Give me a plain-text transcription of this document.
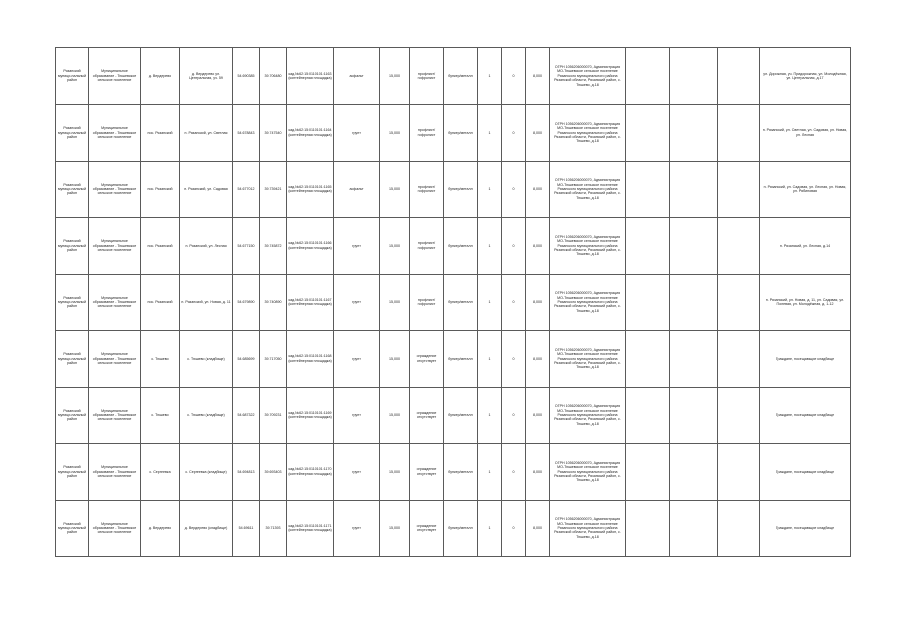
Рязанский муници-пальный район	Муниципальное образование - Тюшевское сельское поселение	д. Вердерево	д. Вердерево ул. Центральная, уч. 59	54.690385	39.706480	кад.№62:15:0110101:1163 (контейнерная площадка)	асфальт	15,000	профлист/гофролист	бункер/металл	1	0	8,000	ОГРН 1056206000070, Администрация МО-Тюшевское сельское поселение Рязанского муниципального района Рязанской области, Рязанский район, с. Тюшево, д.18				ул. Дорожная, уч. Придорожная, ул. Молодёжная, ул. Центральная, д.17
Рязанский муници-пальный район	Муниципальное образование - Тюшевское сельское поселение	пос. Рязанский	п. Рязанский, ул. Светлая	54.678843	39.747540	кад.№62:15:0110101:1164 (контейнерная площадка)	грунт	15,000	профлист/гофролист	бункер/металл	1	0	8,000	ОГРН 1056206000070, Администрация МО-Тюшевское сельское поселение Рязанского муниципального района Рязанской области, Рязанский район, с. Тюшево, д.18				п. Рязанский, ул. Светлая, ул. Садовая, ул. Новая, ул. Лесная
Рязанский муници-пальный район	Муниципальное образование - Тюшевское сельское поселение	пос. Рязанский	п. Рязанский, ул. Садовая	54.677012	39.739421	кад.№62:15:0110101:1165 (контейнерная площадка)	асфальт	15,000	профлист/гофролист	бункер/металл	1	0	8,000	ОГРН 1056206000070, Администрация МО-Тюшевское сельское поселение Рязанского муниципального района Рязанской области, Рязанский район, с. Тюшево, д.18				п. Рязанский, ул. Садовая, ул. Лесная, ул. Новая, ул. Рябиновая
Рязанский муници-пальный район	Муниципальное образование - Тюшевское сельское поселение	пос. Рязанский	п. Рязанский, ул. Лесная	54.677150	39.745872	кад.№62:15:0110101:1166 (контейнерная площадка)	грунт	15,000	профлист/гофролист	бункер/металл	1	0	8,000	ОГРН 1056206000070, Администрация МО-Тюшевское сельское поселение Рязанского муниципального района Рязанской области, Рязанский район, с. Тюшево, д.18				п. Рязанский, ул. Лесная, д.14
Рязанский муници-пальный район	Муниципальное образование - Тюшевское сельское поселение	пос. Рязанский	п. Рязанский, ул. Новая, д. 11	54.679890	39.740890	кад.№62:15:0110101:1167 (контейнерная площадка)	грунт	15,000	профлист/гофролист	бункер/металл	1	0	8,000	ОГРН 1056206000070, Администрация МО-Тюшевское сельское поселение Рязанского муниципального района Рязанской области, Рязанский район, с. Тюшево, д.18				п. Рязанский, ул. Новая, д. 11, ул. Садовая, ул. Полевая, ул. Молодёжная, д. 1-12
Рязанский муници-пальный район	Муниципальное образование - Тюшевское сельское поселение	с. Тюшево	с. Тюшево (кладбище)	54.685699	39.717050	кад.№62:15:0110101:1168 (контейнерная площадка)	грунт	15,000	ограждение отсутствует	бункер/металл	1	0	8,000	ОГРН 1056206000070, Администрация МО-Тюшевское сельское поселение Рязанского муниципального района Рязанской области, Рязанский район, с. Тюшево, д.18				Граждане, посещающие кладбище
Рязанский муници-пальный район	Муниципальное образование - Тюшевское сельское поселение	с. Тюшево	с. Тюшево (кладбище)	54.687322	39.709231	кад.№62:15:0110101:1169 (контейнерная площадка)	грунт	15,000	ограждение отсутствует	бункер/металл	1	0	8,000	ОГРН 1056206000070, Администрация МО-Тюшевское сельское поселение Рязанского муниципального района Рязанской области, Рязанский район, с. Тюшево, д.18				Граждане, посещающие кладбище
Рязанский муници-пальный район	Муниципальное образование - Тюшевское сельское поселение	с. Сергеевка	с. Сергеевка (кладбище)	54.694813	39.693403	кад.№62:15:0110101:1170 (контейнерная площадка)	грунт	15,000	ограждение отсутствует	бункер/металл	1	0	8,000	ОГРН 1056206000070, Администрация МО-Тюшевское сельское поселение Рязанского муниципального района Рязанской области, Рязанский район, с. Тюшево, д.18				Граждане, посещающие кладбище
Рязанский муници-пальный район	Муниципальное образование - Тюшевское сельское поселение	д. Вердерево	д. Вердерево (кладбище)	54.69611	39.71393	кад.№62:15:0110101:1171 (контейнерная площадка)	грунт	15,000	ограждение отсутствует	бункер/металл	1	0	8,000	ОГРН 1056206000070, Администрация МО-Тюшевское сельское поселение Рязанского муниципального района Рязанской области, Рязанский район, с. Тюшево, д.18				Граждане, посещающие кладбище
